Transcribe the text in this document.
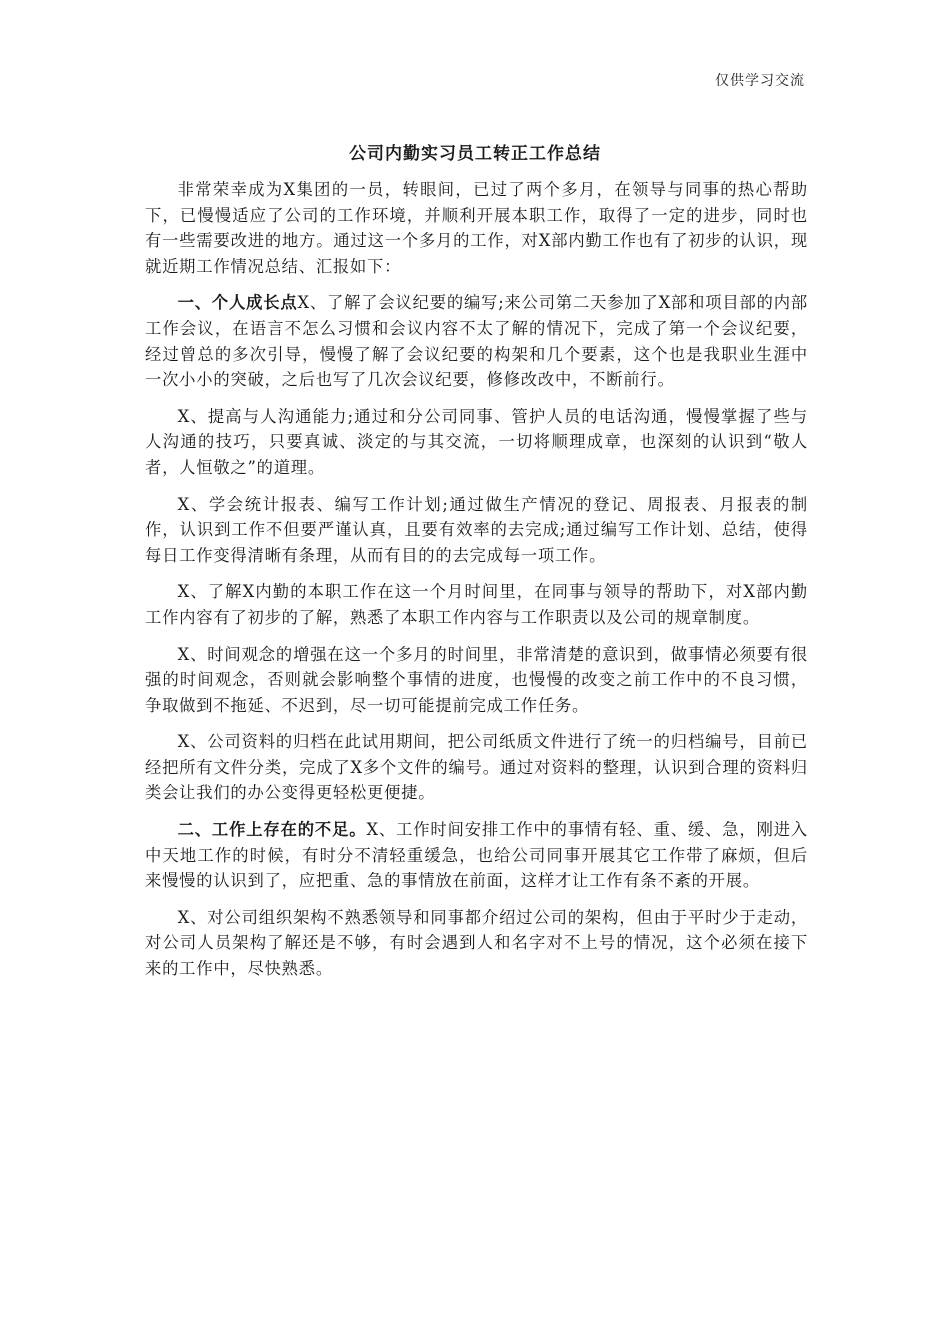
仅供学习交流
公司内勤实习员工转正工作总结

非常荣幸成为X集团的一员，转眼间，已过了两个多月，在领导与同事的热心帮助下，已慢慢适应了公司的工作环境，并顺利开展本职工作，取得了一定的进步，同时也有一些需要改进的地方。通过这一个多月的工作，对X部内勤工作也有了初步的认识，现就近期工作情况总结、汇报如下：

一、个人成长点X、了解了会议纪要的编写;来公司第二天参加了X部和项目部的内部工作会议，在语言不怎么习惯和会议内容不太了解的情况下，完成了第一个会议纪要，经过曾总的多次引导，慢慢了解了会议纪要的构架和几个要素，这个也是我职业生涯中一次小小的突破，之后也写了几次会议纪要，修修改改中，不断前行。

X、提高与人沟通能力;通过和分公司同事、管护人员的电话沟通，慢慢掌握了些与人沟通的技巧，只要真诚、淡定的与其交流，一切将顺理成章，也深刻的认识到“敬人者，人恒敬之”的道理。

X、学会统计报表、编写工作计划;通过做生产情况的登记、周报表、月报表的制作，认识到工作不但要严谨认真，且要有效率的去完成;通过编写工作计划、总结，使得每日工作变得清晰有条理，从而有目的的去完成每一项工作。

X、了解X内勤的本职工作在这一个月时间里，在同事与领导的帮助下，对X部内勤工作内容有了初步的了解，熟悉了本职工作内容与工作职责以及公司的规章制度。

X、时间观念的增强在这一个多月的时间里，非常清楚的意识到，做事情必须要有很强的时间观念，否则就会影响整个事情的进度，也慢慢的改变之前工作中的不良习惯，争取做到不拖延、不迟到，尽一切可能提前完成工作任务。

X、公司资料的归档在此试用期间，把公司纸质文件进行了统一的归档编号，目前已经把所有文件分类，完成了X多个文件的编号。通过对资料的整理，认识到合理的资料归类会让我们的办公变得更轻松更便捷。

二、工作上存在的不足。X、工作时间安排工作中的事情有轻、重、缓、急，刚进入中天地工作的时候，有时分不清轻重缓急，也给公司同事开展其它工作带了麻烦，但后来慢慢的认识到了，应把重、急的事情放在前面，这样才让工作有条不紊的开展。

X、对公司组织架构不熟悉领导和同事都介绍过公司的架构，但由于平时少于走动，对公司人员架构了解还是不够，有时会遇到人和名字对不上号的情况，这个必须在接下来的工作中，尽快熟悉。
